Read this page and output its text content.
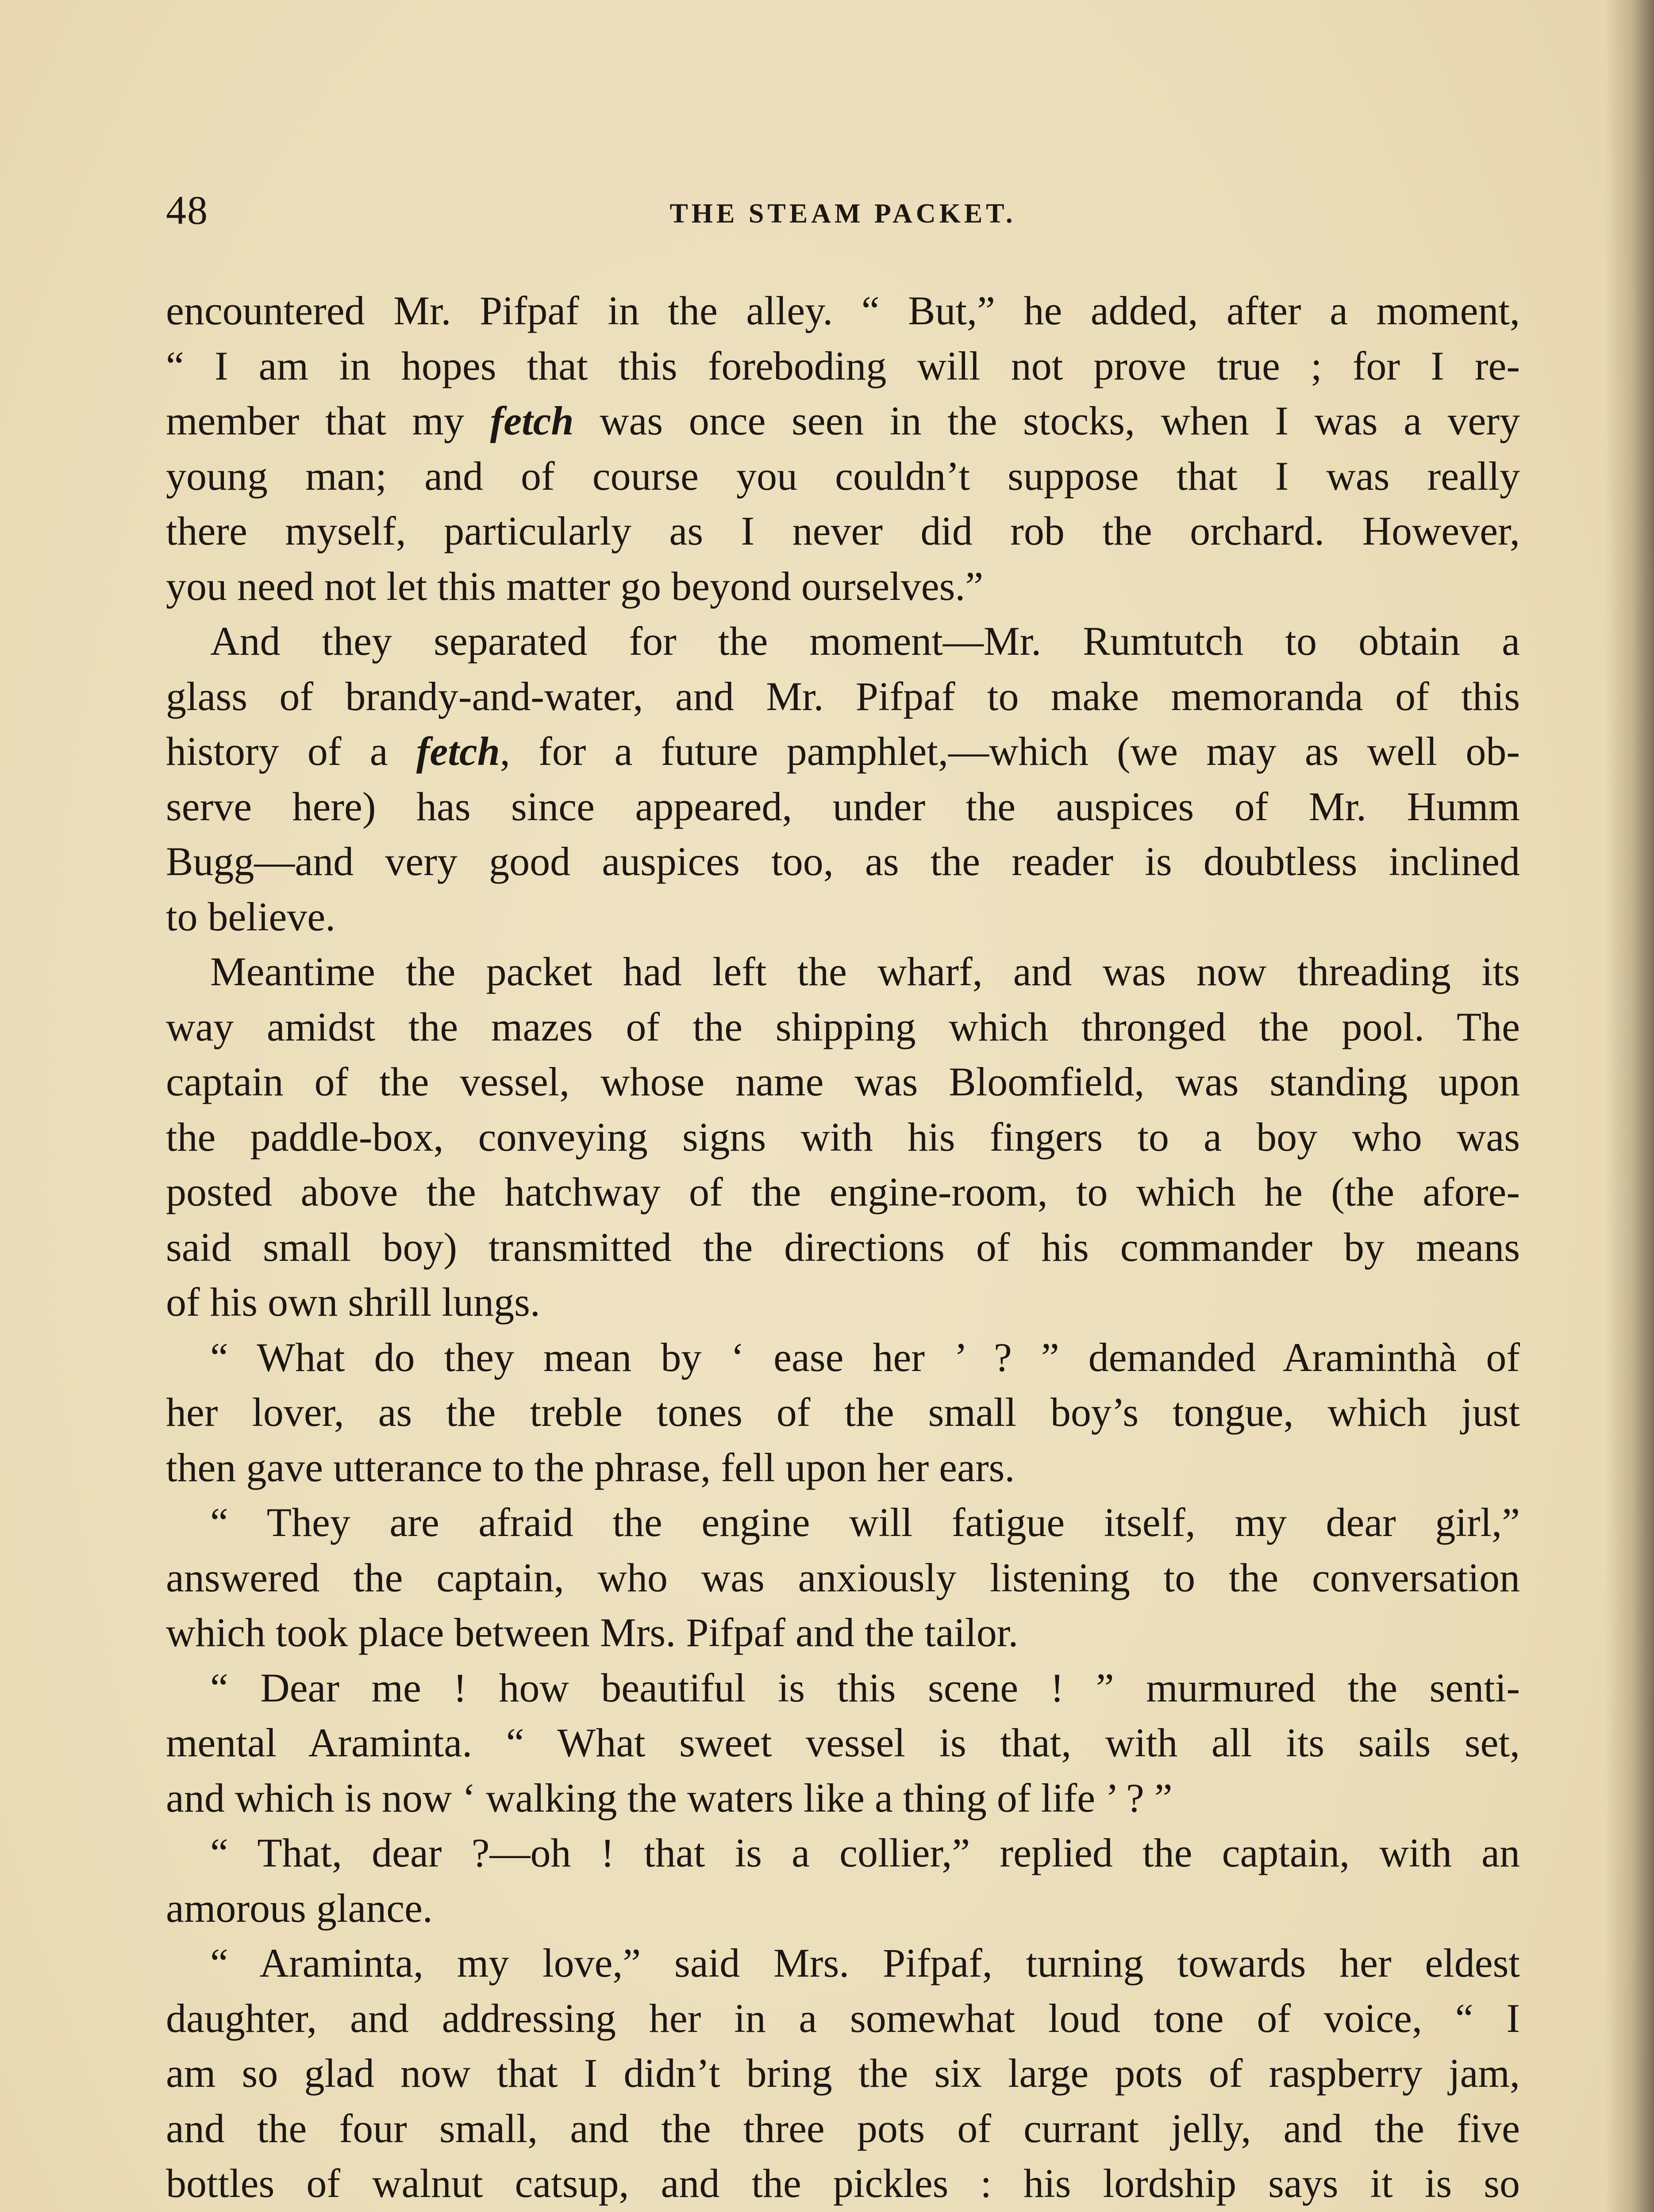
48	THE STEAM PACKET.

encountered Mr. Pifpaf in the alley. “ But,” he added, after a moment,
“ I am in hopes that this foreboding will not prove true ; for I re-
member that my fetch was once seen in the stocks, when I was a very
young man; and of course you couldn’t suppose that I was really
there myself, particularly as I never did rob the orchard. However,
you need not let this matter go beyond ourselves.”

And they separated for the moment—Mr. Rumtutch to obtain a
glass of brandy-and-water, and Mr. Pifpaf to make memoranda of this
history of a fetch, for a future pamphlet,—which (we may as well ob-
serve here) has since appeared, under the auspices of Mr. Humm
Bugg—and very good auspices too, as the reader is doubtless inclined
to believe.

Meantime the packet had left the wharf, and was now threading its
way amidst the mazes of the shipping which thronged the pool. The
captain of the vessel, whose name was Bloomfield, was standing upon
the paddle-box, conveying signs with his fingers to a boy who was
posted above the hatchway of the engine-room, to which he (the afore-
said small boy) transmitted the directions of his commander by means
of his own shrill lungs.

“ What do they mean by ‘ ease her ’ ? ” demanded Araminthà of
her lover, as the treble tones of the small boy’s tongue, which just
then gave utterance to the phrase, fell upon her ears.

“ They are afraid the engine will fatigue itself, my dear girl,”
answered the captain, who was anxiously listening to the conversation
which took place between Mrs. Pifpaf and the tailor.

“ Dear me ! how beautiful is this scene ! ” murmured the senti-
mental Araminta. “ What sweet vessel is that, with all its sails set,
and which is now ‘ walking the waters like a thing of life ’ ? ”

“ That, dear ?—oh ! that is a collier,” replied the captain, with an
amorous glance.

“ Araminta, my love,” said Mrs. Pifpaf, turning towards her eldest
daughter, and addressing her in a somewhat loud tone of voice, “ I
am so glad now that I didn’t bring the six large pots of raspberry jam,
and the four small, and the three pots of currant jelly, and the five
bottles of walnut catsup, and the pickles : his lordship says it is so
